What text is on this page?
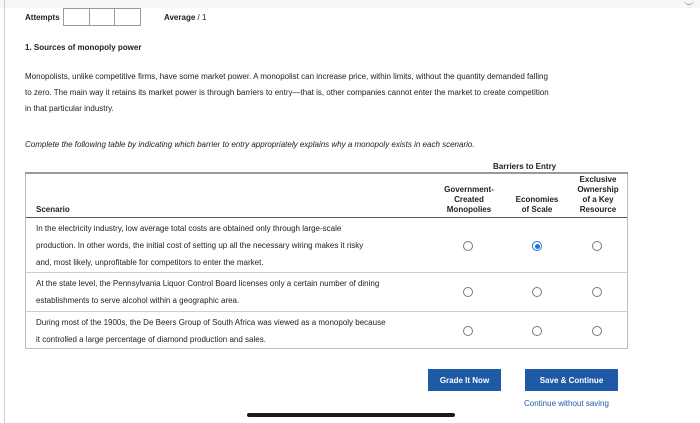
Attempts	Average / 1
1. Sources of monopoly power
Monopolists, unlike competitive firms, have some market power. A monopolist can increase price, within limits, without the quantity demanded falling
to zero. The main way it retains its market power is through barriers to entry—that is, other companies cannot enter the market to create competition
in that particular industry.
Complete the following table by indicating which barrier to entry appropriately explains why a monopoly exists in each scenario.
Barriers to Entry
Scenario
Government-
Created
Monopolies
Economies
of Scale
Exclusive
Ownership
of a Key
Resource
In the electricity industry, low average total costs are obtained only through large-scale
production. In other words, the initial cost of setting up all the necessary wiring makes it risky
and, most likely, unprofitable for competitors to enter the market.
At the state level, the Pennsylvania Liquor Control Board licenses only a certain number of dining
establishments to serve alcohol within a geographic area.
During most of the 1900s, the De Beers Group of South Africa was viewed as a monopoly because
it controlled a large percentage of diamond production and sales.
Grade It Now	Save & Continue
Continue without saving
